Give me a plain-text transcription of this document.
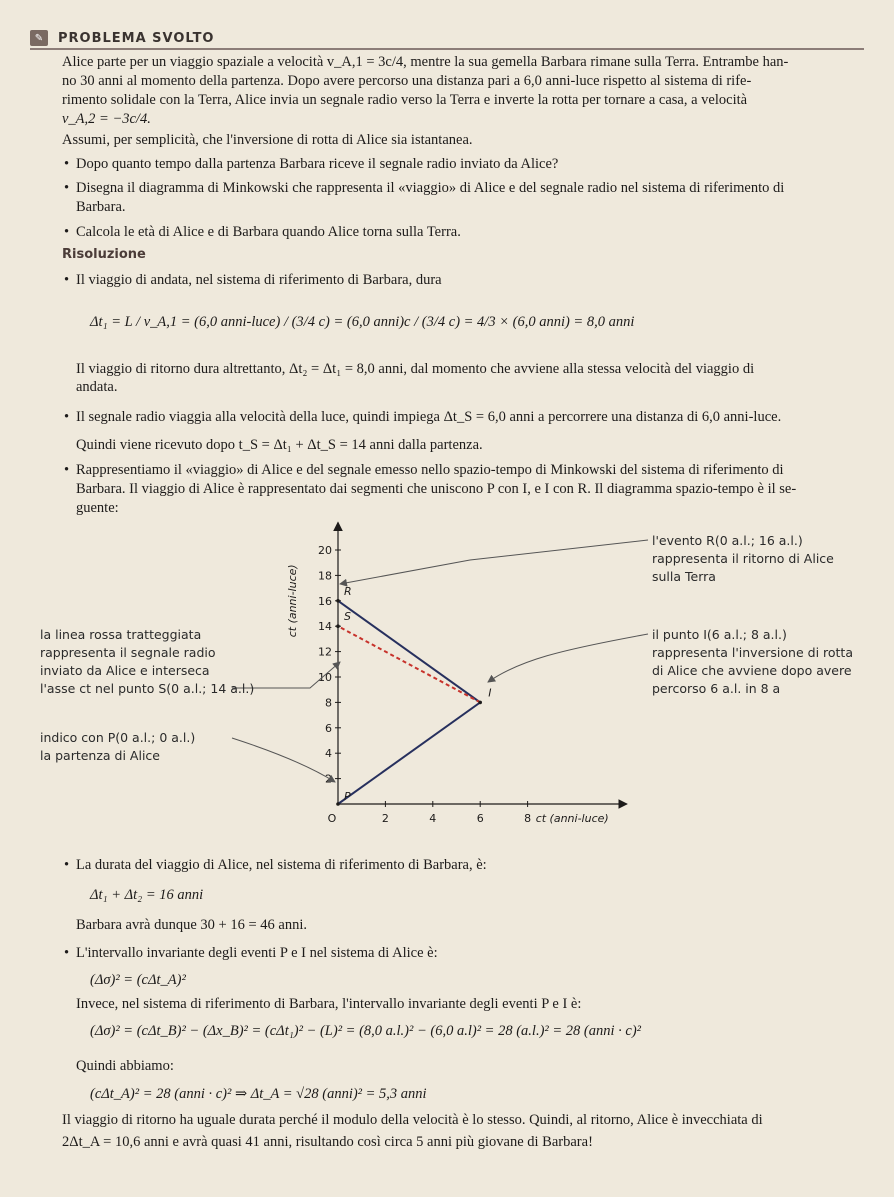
✎	PROBLEMA SVOLTO
Alice parte per un viaggio spaziale a velocità v_A,1 = 3c/4, mentre la sua gemella Barbara rimane sulla Terra. Entrambe han-
no 30 anni al momento della partenza. Dopo avere percorso una distanza pari a 6,0 anni-luce rispetto al sistema di rife-
rimento solidale con la Terra, Alice invia un segnale radio verso la Terra e inverte la rotta per tornare a casa, a velocità
v_A,2 = −3c/4.
Assumi, per semplicità, che l'inversione di rotta di Alice sia istantanea.
• Dopo quanto tempo dalla partenza Barbara riceve il segnale radio inviato da Alice?
• Disegna il diagramma di Minkowski che rappresenta il «viaggio» di Alice e del segnale radio nel sistema di riferimento di
Barbara.
• Calcola le età di Alice e di Barbara quando Alice torna sulla Terra.
Risoluzione
• Il viaggio di andata, nel sistema di riferimento di Barbara, dura
Δt₁ = L / v_A,1 = (6,0 anni-luce) / (3/4 c) = (6,0 anni)c / (3/4 c) = 4/3 × (6,0 anni) = 8,0 anni
Il viaggio di ritorno dura altrettanto, Δt₂ = Δt₁ = 8,0 anni, dal momento che avviene alla stessa velocità del viaggio di
andata.
• Il segnale radio viaggia alla velocità della luce, quindi impiega Δt_S = 6,0 anni a percorrere una distanza di 6,0 anni-luce.
Quindi viene ricevuto dopo t_S = Δt₁ + Δt_S = 14 anni dalla partenza.
• Rappresentiamo il «viaggio» di Alice e del segnale emesso nello spazio-tempo di Minkowski del sistema di riferimento di
Barbara. Il viaggio di Alice è rappresentato dai segmenti che uniscono P con I, e I con R. Il diagramma spazio-tempo è il se-
guente:
O	2	4	6	8
2
4
6
8
10
12
14
16
18
20
ct (anni-luce)
ct (anni-luce)
P
I
S
R
la linea rossa tratteggiata
rappresenta il segnale radio
inviato da Alice e interseca
l'asse ct nel punto S(0 a.l.; 14 a.l.)
indico con P(0 a.l.; 0 a.l.)
la partenza di Alice
l'evento R(0 a.l.; 16 a.l.)
rappresenta il ritorno di Alice
sulla Terra
il punto I(6 a.l.; 8 a.l.)
rappresenta l'inversione di rotta
di Alice che avviene dopo avere
percorso 6 a.l. in 8 a
• La durata del viaggio di Alice, nel sistema di riferimento di Barbara, è:
Δt₁ + Δt₂ = 16 anni
Barbara avrà dunque 30 + 16 = 46 anni.
• L'intervallo invariante degli eventi P e I nel sistema di Alice è:
(Δσ)² = (cΔt_A)²
Invece, nel sistema di riferimento di Barbara, l'intervallo invariante degli eventi P e I è:
(Δσ)² = (cΔt_B)² − (Δx_B)² = (cΔt₁)² − (L)² = (8,0 a.l.)² − (6,0 a.l)² = 28 (a.l.)² = 28 (anni · c)²
Quindi abbiamo:
(cΔt_A)² = 28 (anni · c)² ⇒ Δt_A = √28 (anni)² = 5,3 anni
Il viaggio di ritorno ha uguale durata perché il modulo della velocità è lo stesso. Quindi, al ritorno, Alice è invecchiata di
2Δt_A = 10,6 anni e avrà quasi 41 anni, risultando così circa 5 anni più giovane di Barbara!
